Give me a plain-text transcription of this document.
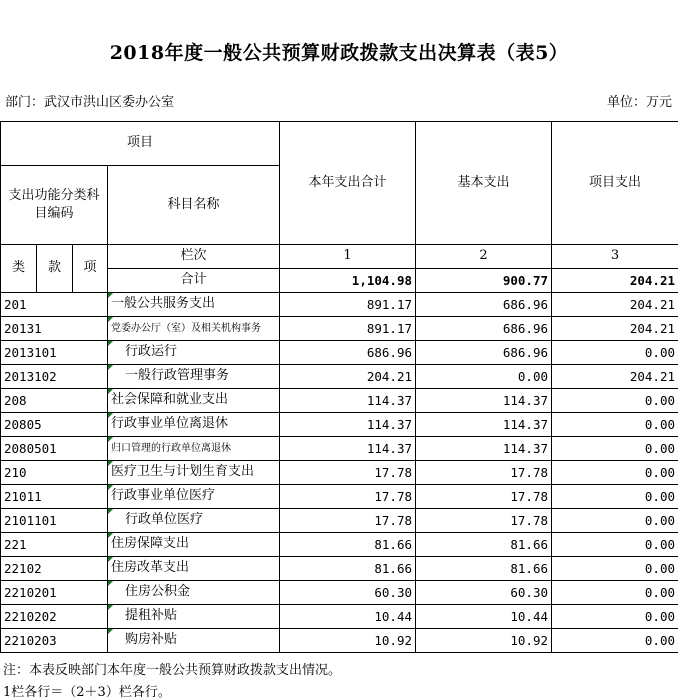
2018年度一般公共预算财政拨款支出决算表（表5）
部门：武汉市洪山区委办公室	单位：万元
项目				本年支出合计	基本支出	项目支出
支出功能分类科目编码			科目名称			

类	款	项	栏次	1	2	3
			合计	1,104.98	900.77	204.21
201			一般公共服务支出	891.17	686.96	204.21
20131			党委办公厅（室）及相关机构事务	891.17	686.96	204.21
2013101			行政运行	686.96	686.96	0.00
2013102			一般行政管理事务	204.21	0.00	204.21
208			社会保障和就业支出	114.37	114.37	0.00
20805			行政事业单位离退休	114.37	114.37	0.00
2080501			归口管理的行政单位离退休	114.37	114.37	0.00
210			医疗卫生与计划生育支出	17.78	17.78	0.00
21011			行政事业单位医疗	17.78	17.78	0.00
2101101			行政单位医疗	17.78	17.78	0.00
221			住房保障支出	81.66	81.66	0.00
22102			住房改革支出	81.66	81.66	0.00
2210201			住房公积金	60.30	60.30	0.00
2210202			提租补贴	10.44	10.44	0.00
2210203			购房补贴	10.92	10.92	0.00
注：本表反映部门本年度一般公共预算财政拨款支出情况。
1栏各行＝（2＋3）栏各行。
